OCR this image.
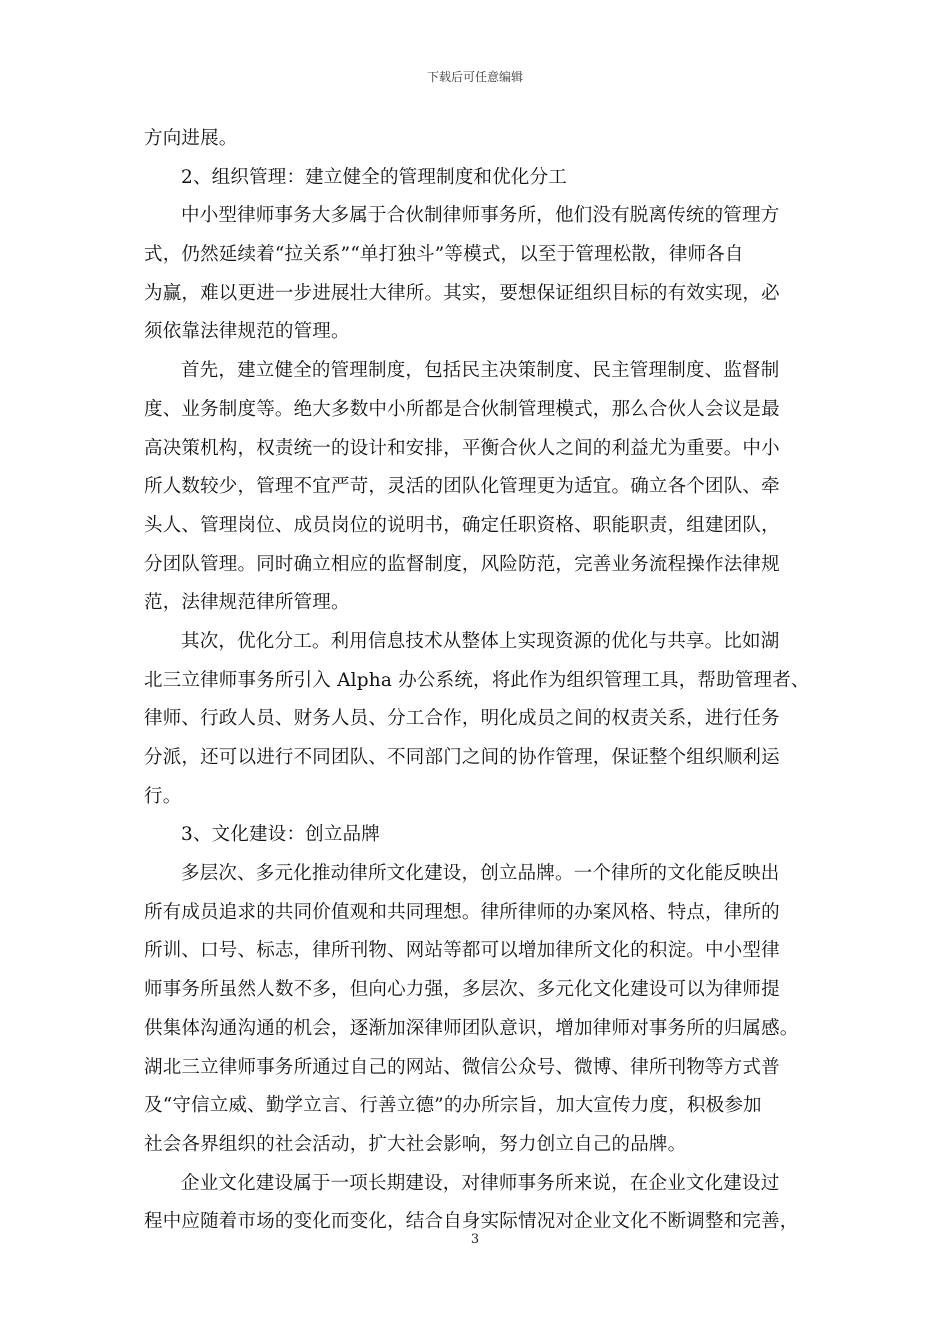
下载后可任意编辑
方向进展。
2、组织管理：建立健全的管理制度和优化分工
中小型律师事务大多属于合伙制律师事务所，他们没有脱离传统的管理方
式，仍然延续着“拉关系”“单打独斗”等模式，以至于管理松散，律师各自
为赢，难以更进一步进展壮大律所。其实，要想保证组织目标的有效实现，必
须依靠法律规范的管理。
首先，建立健全的管理制度，包括民主决策制度、民主管理制度、监督制
度、业务制度等。绝大多数中小所都是合伙制管理模式，那么合伙人会议是最
高决策机构，权责统一的设计和安排，平衡合伙人之间的利益尤为重要。中小
所人数较少，管理不宜严苛，灵活的团队化管理更为适宜。确立各个团队、牵
头人、管理岗位、成员岗位的说明书，确定任职资格、职能职责，组建团队，
分团队管理。同时确立相应的监督制度，风险防范，完善业务流程操作法律规
范，法律规范律所管理。
其次，优化分工。利用信息技术从整体上实现资源的优化与共享。比如湖
北三立律师事务所引入 Alpha 办公系统，将此作为组织管理工具，帮助管理者、
律师、行政人员、财务人员、分工合作，明化成员之间的权责关系，进行任务
分派，还可以进行不同团队、不同部门之间的协作管理，保证整个组织顺利运
行。
3、文化建设：创立品牌
多层次、多元化推动律所文化建设，创立品牌。一个律所的文化能反映出
所有成员追求的共同价值观和共同理想。律所律师的办案风格、特点，律所的
所训、口号、标志，律所刊物、网站等都可以增加律所文化的积淀。中小型律
师事务所虽然人数不多，但向心力强，多层次、多元化文化建设可以为律师提
供集体沟通沟通的机会，逐渐加深律师团队意识，增加律师对事务所的归属感。
湖北三立律师事务所通过自己的网站、微信公众号、微博、律所刊物等方式普
及“守信立威、勤学立言、行善立德”的办所宗旨，加大宣传力度，积极参加
社会各界组织的社会活动，扩大社会影响，努力创立自己的品牌。
企业文化建设属于一项长期建设，对律师事务所来说，在企业文化建设过
程中应随着市场的变化而变化，结合自身实际情况对企业文化不断调整和完善，
3
